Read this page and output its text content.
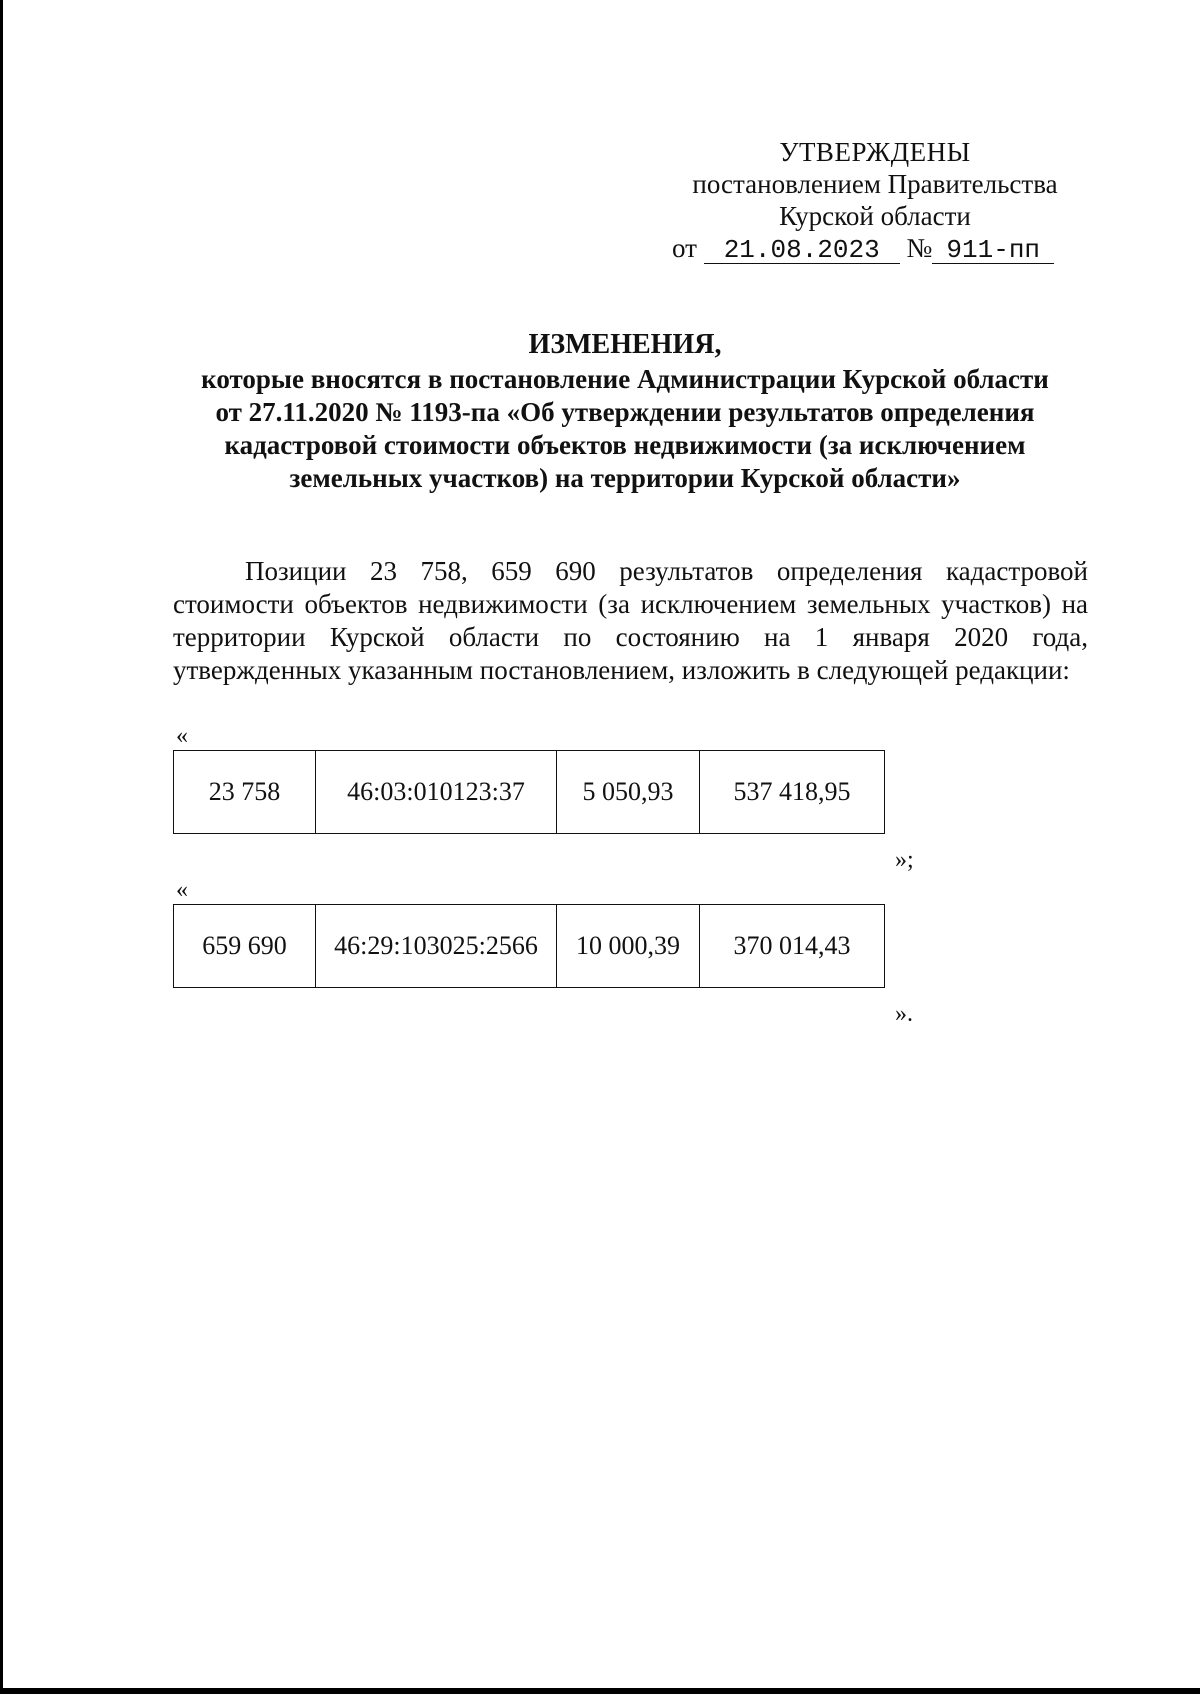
УТВЕРЖДЕНЫ
постановлением Правительства
Курской области
от 21.08.2023 № 911-пп
ИЗМЕНЕНИЯ,
которые вносятся в постановление Администрации Курской области
от 27.11.2020 № 1193-па «Об утверждении результатов определения
кадастровой стоимости объектов недвижимости (за исключением
земельных участков) на территории Курской области»

Позиции 23 758, 659 690 результатов определения кадастровой стоимости объектов недвижимости (за исключением земельных участков) на территории Курской области по состоянию на 1 января 2020 года, утвержденных указанным постановлением, изложить в следующей редакции:

«
23 758	46:03:010123:37	5 050,93	537 418,95
»;
«
659 690	46:29:103025:2566	10 000,39	370 014,43
».
